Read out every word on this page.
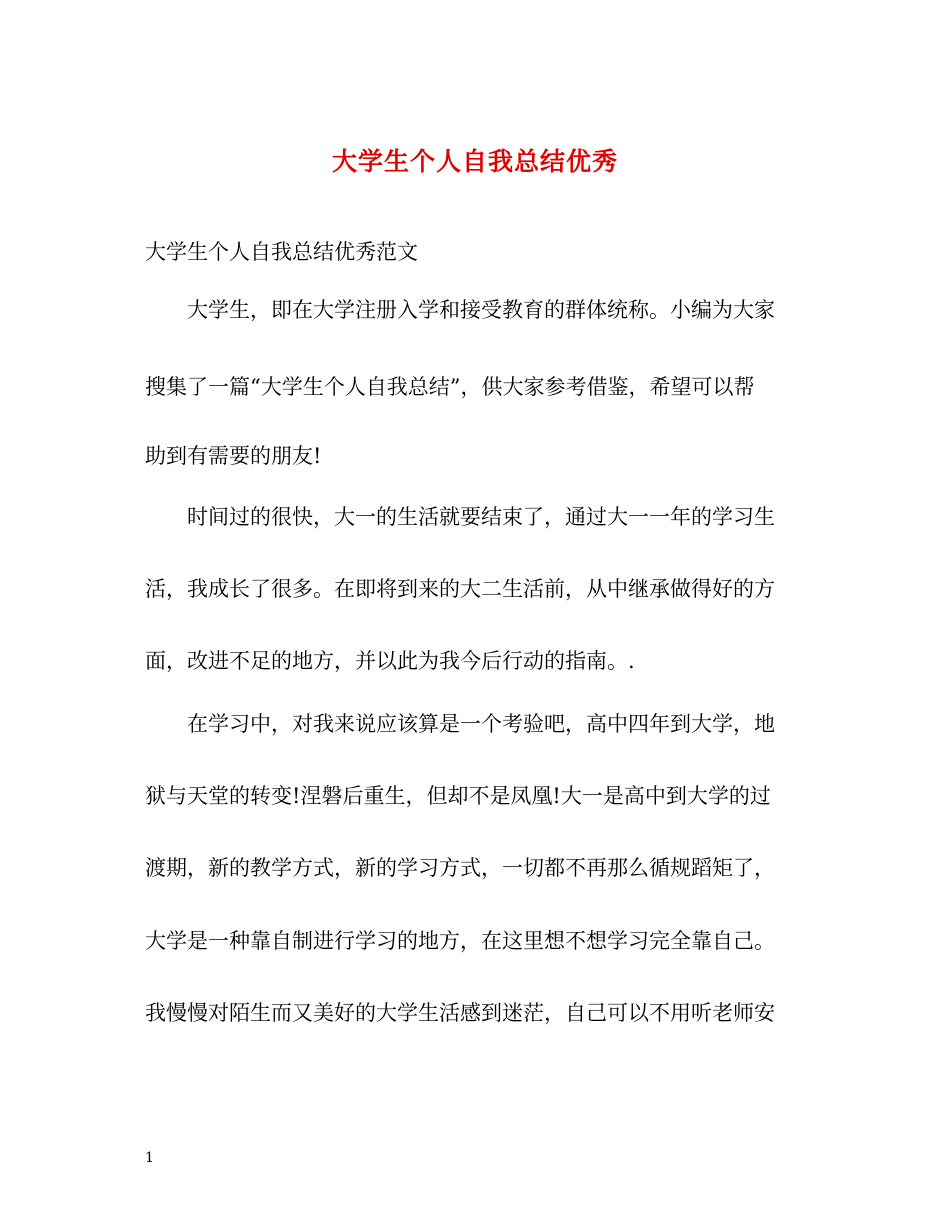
大学生个人自我总结优秀
大学生个人自我总结优秀范文
大学生，即在大学注册入学和接受教育的群体统称。小编为大家
搜集了一篇“大学生个人自我总结”，供大家参考借鉴，希望可以帮
助到有需要的朋友!
时间过的很快，大一的生活就要结束了，通过大一一年的学习生
活，我成长了很多。在即将到来的大二生活前，从中继承做得好的方
面，改进不足的地方，并以此为我今后行动的指南。.
在学习中，对我来说应该算是一个考验吧，高中四年到大学，地
狱与天堂的转变!涅磐后重生，但却不是凤凰!大一是高中到大学的过
渡期，新的教学方式，新的学习方式，一切都不再那么循规蹈矩了，
大学是一种靠自制进行学习的地方，在这里想不想学习完全靠自己。
我慢慢对陌生而又美好的大学生活感到迷茫，自己可以不用听老师安
1
